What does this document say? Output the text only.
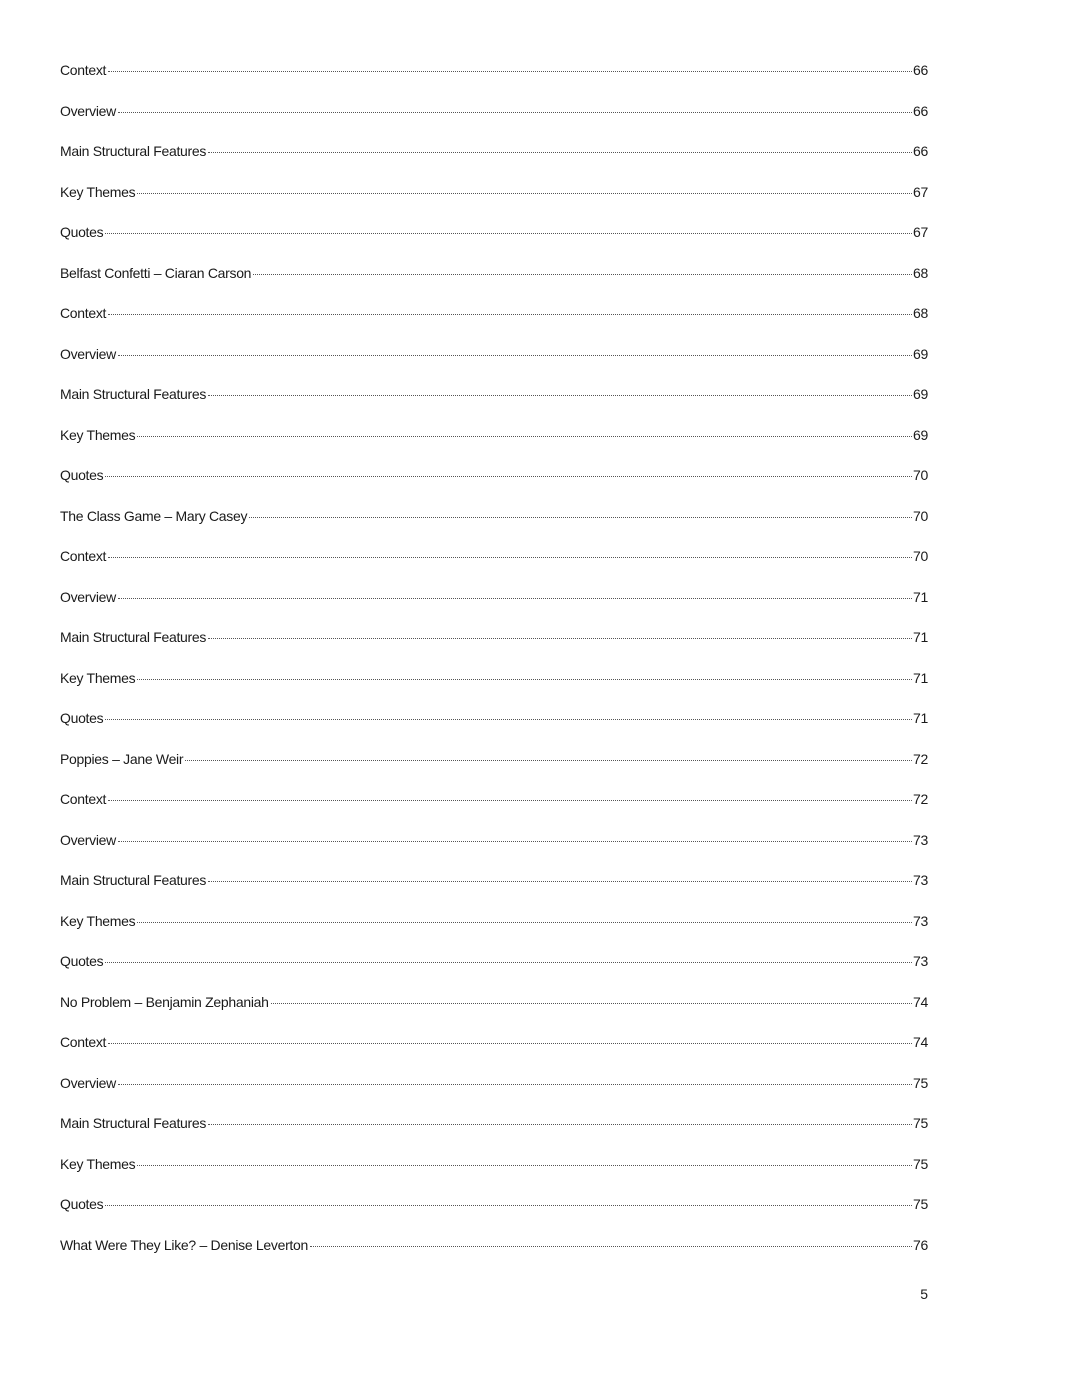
Context	66
Overview	66
Main Structural Features	66
Key Themes	67
Quotes	67
Belfast Confetti – Ciaran Carson	68
Context	68
Overview	69
Main Structural Features	69
Key Themes	69
Quotes	70
The Class Game – Mary Casey	70
Context	70
Overview	71
Main Structural Features	71
Key Themes	71
Quotes	71
Poppies – Jane Weir	72
Context	72
Overview	73
Main Structural Features	73
Key Themes	73
Quotes	73
No Problem – Benjamin Zephaniah	74
Context	74
Overview	75
Main Structural Features	75
Key Themes	75
Quotes	75
What Were They Like? – Denise Leverton	76
5
